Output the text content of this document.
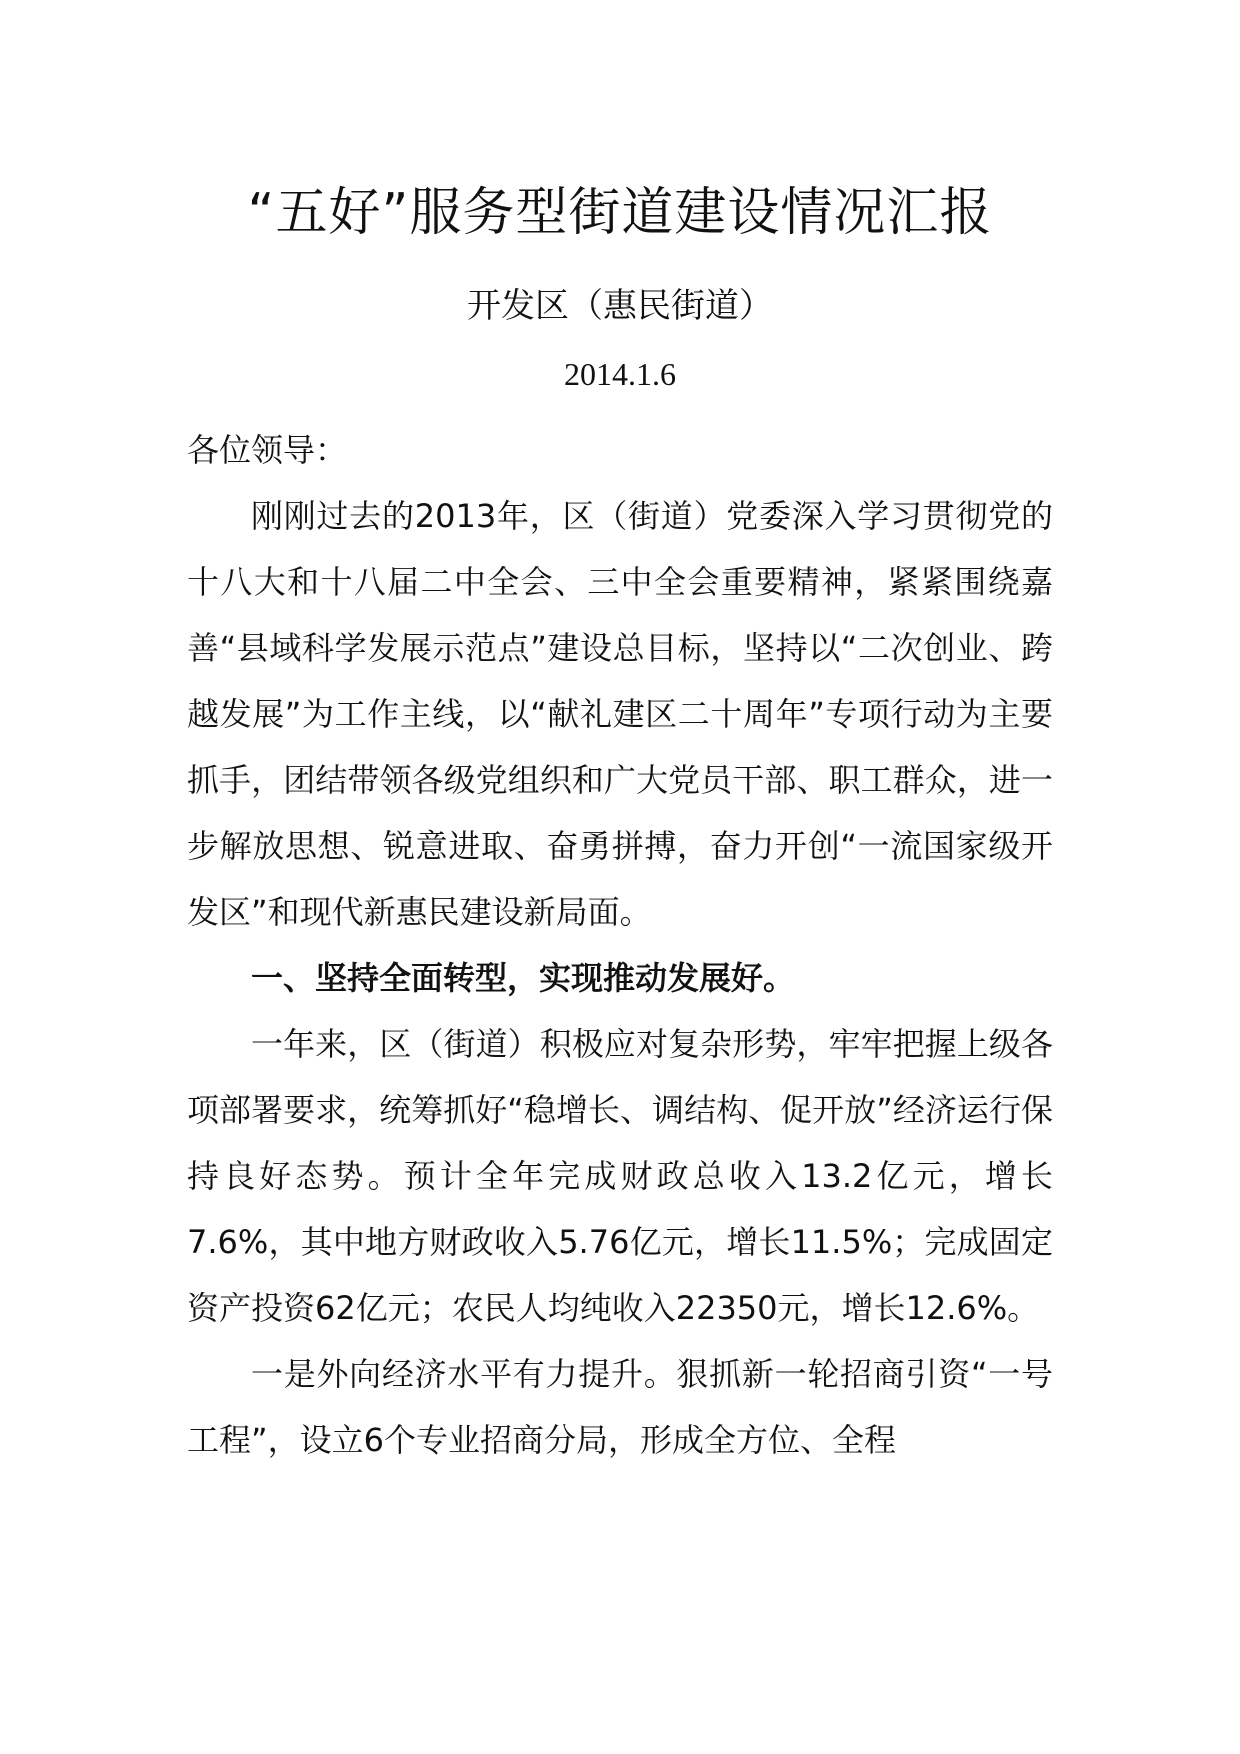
“五好”服务型街道建设情况汇报
开发区（惠民街道）
2014.1.6

各位领导：

刚刚过去的2013年，区（街道）党委深入学习贯彻党的十八大和十八届二中全会、三中全会重要精神，紧紧围绕嘉善“县域科学发展示范点”建设总目标，坚持以“二次创业、跨越发展”为工作主线，以“献礼建区二十周年”专项行动为主要抓手，团结带领各级党组织和广大党员干部、职工群众，进一步解放思想、锐意进取、奋勇拼搏，奋力开创“一流国家级开发区”和现代新惠民建设新局面。

一、坚持全面转型，实现推动发展好。

一年来，区（街道）积极应对复杂形势，牢牢把握上级各项部署要求，统筹抓好“稳增长、调结构、促开放”经济运行保持良好态势。预计全年完成财政总收入13.2亿元，增长7.6%，其中地方财政收入5.76亿元，增长11.5%；完成固定资产投资62亿元；农民人均纯收入22350元，增长12.6%。

一是外向经济水平有力提升。狠抓新一轮招商引资“一号工程”，设立6个专业招商分局，形成全方位、全程
